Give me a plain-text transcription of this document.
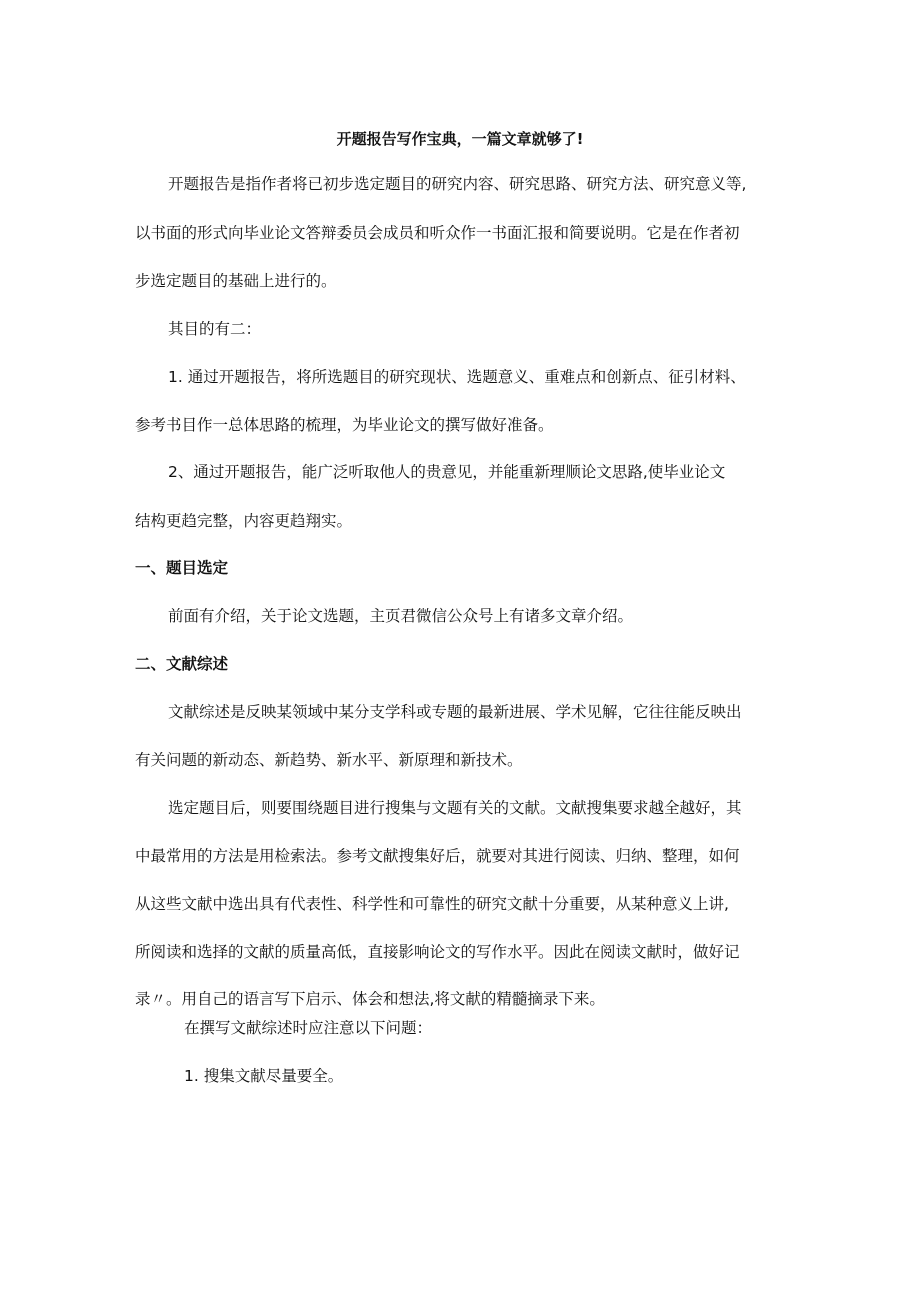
开题报告写作宝典，一篇文章就够了!
开题报告是指作者将已初步选定题目的研究内容、研究思路、研究方法、研究意义等,
以书面的形式向毕业论文答辩委员会成员和听众作一书面汇报和简要说明。它是在作者初
步选定题目的基础上进行的。
其目的有二：
1. 通过开题报告，将所选题目的研究现状、选题意义、重难点和创新点、征引材料、
参考书目作一总体思路的梳理，为毕业论文的撰写做好准备。
2、通过开题报告，能广泛听取他人的贵意见，并能重新理顺论文思路,使毕业论文
结构更趋完整，内容更趋翔实。
一、题目选定
前面有介绍，关于论文选题，主页君微信公众号上有诸多文章介绍。
二、文献综述
文献综述是反映某领域中某分支学科或专题的最新进展、学术见解，它往往能反映出
有关问题的新动态、新趋势、新水平、新原理和新技术。
选定题目后，则要围绕题目进行搜集与文题有关的文献。文献搜集要求越全越好，其
中最常用的方法是用检索法。参考文献搜集好后，就要对其进行阅读、归纳、整理，如何
从这些文献中选出具有代表性、科学性和可靠性的研究文献十分重要，从某种意义上讲,
所阅读和选择的文献的质量高低，直接影响论文的写作水平。因此在阅读文献时，做好记
录〃。用自己的语言写下启示、体会和想法,将文献的精髓摘录下来。
在撰写文献综述时应注意以下问题：
1. 搜集文献尽量要全。
